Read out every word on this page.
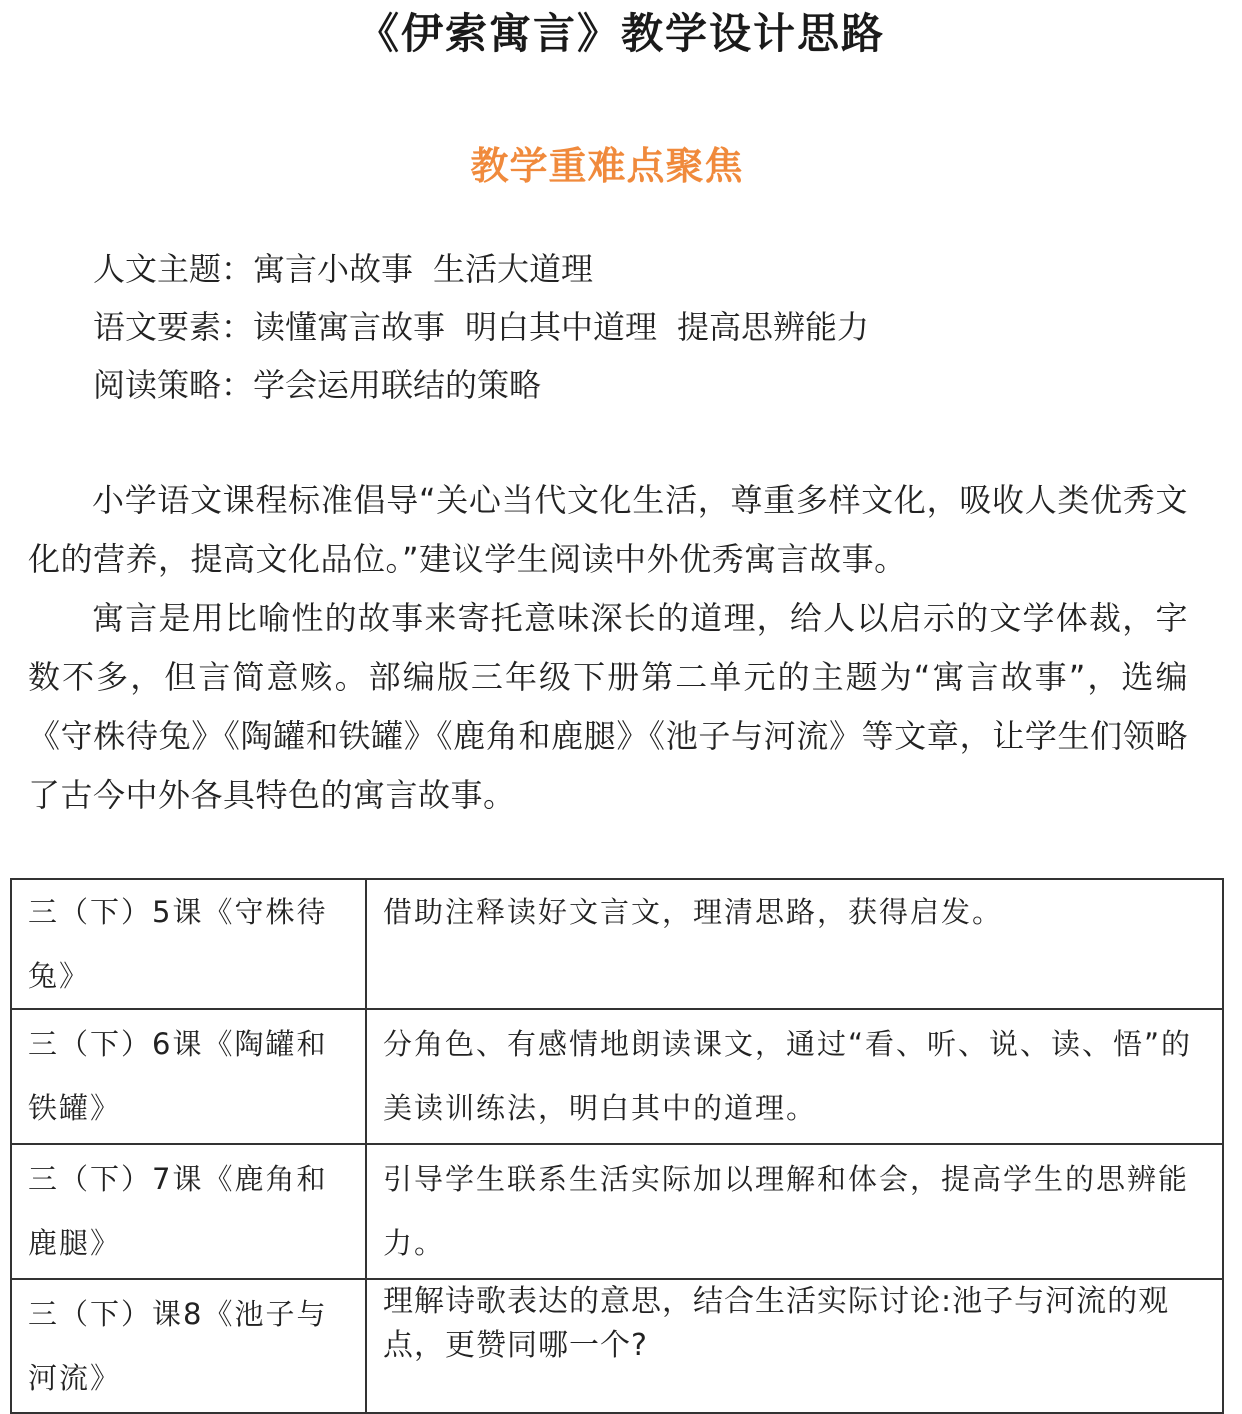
《伊索寓言》教学设计思路
教学重难点聚焦
人文主题：寓言小故事 生活大道理
语文要素：读懂寓言故事 明白其中道理 提高思辨能力
阅读策略：学会运用联结的策略

小学语文课程标准倡导“关心当代文化生活，尊重多样文化，吸收人类优秀文化的营养，提高文化品位。”建议学生阅读中外优秀寓言故事。

寓言是用比喻性的故事来寄托意味深长的道理，给人以启示的文学体裁，字数不多，但言简意赅。部编版三年级下册第二单元的主题为“寓言故事”，选编《守株待兔》《陶罐和铁罐》《鹿角和鹿腿》《池子与河流》等文章，让学生们领略了古今中外各具特色的寓言故事。

三（下）5课《守株待兔》	借助注释读好文言文，理清思路，获得启发。
三（下）6课《陶罐和铁罐》	分角色、有感情地朗读课文，通过“看、听、说、读、悟”的美读训练法，明白其中的道理。
三（下）7课《鹿角和鹿腿》	引导学生联系生活实际加以理解和体会，提高学生的思辨能力。
三（下）课8《池子与河流》	理解诗歌表达的意思，结合生活实际讨论:池子与河流的观点，更赞同哪一个?
